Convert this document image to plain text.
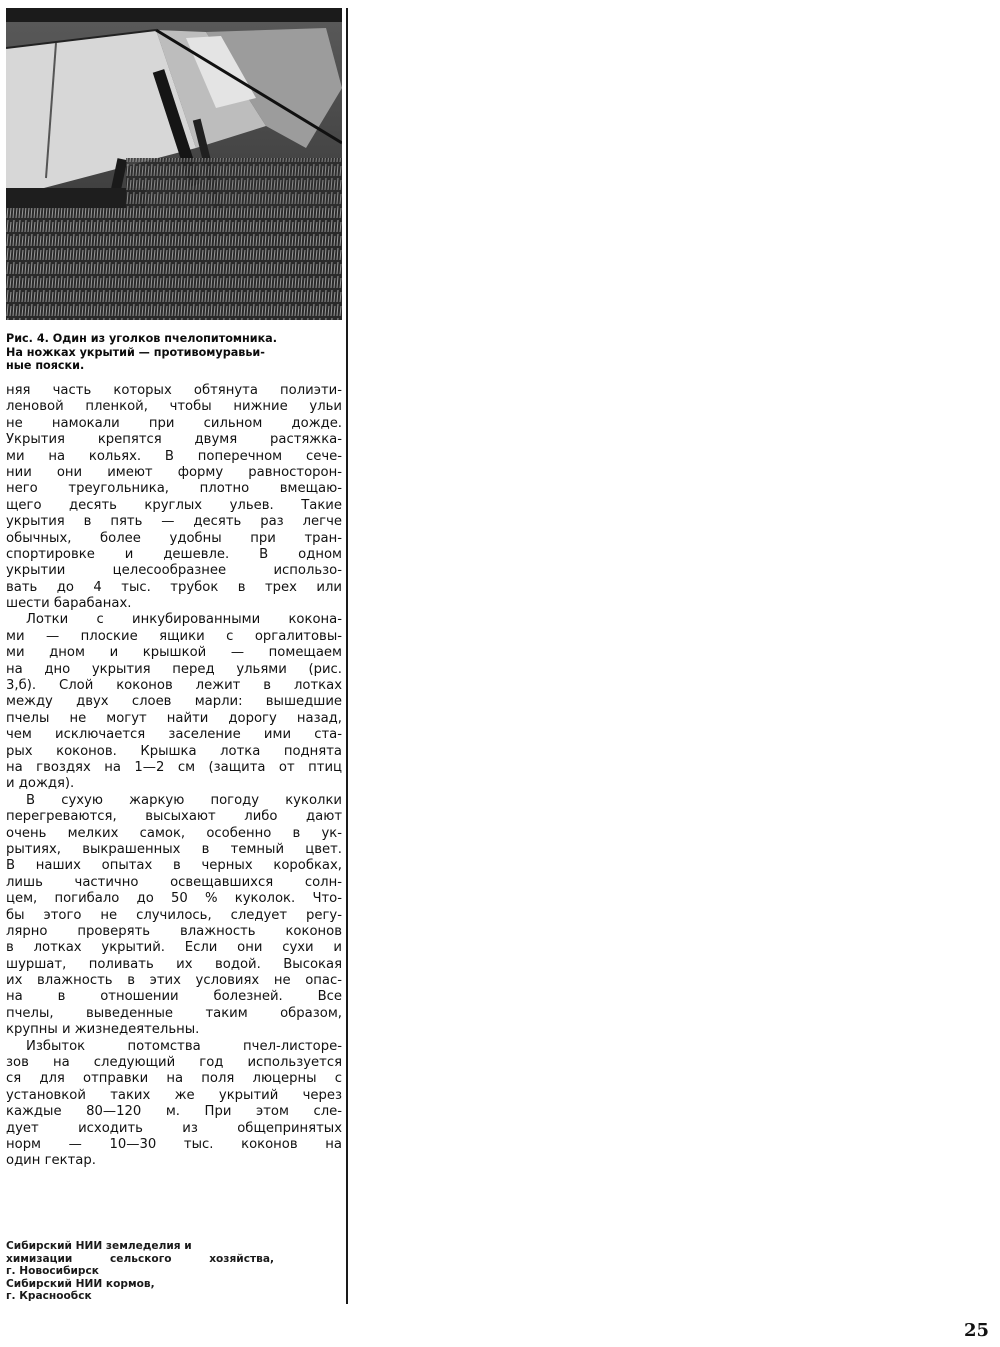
Рис. 4. Один из уголков пчелопитомника.
На ножках укрытий — противомуравьи-
ные пояски.
няя часть которых обтянута полиэти-
леновой пленкой, чтобы нижние ульи
не намокали при сильном дожде.
Укрытия крепятся двумя растяжка-
ми на кольях. В поперечном сече-
нии они имеют форму равносторон-
него треугольника, плотно вмещаю-
щего десять круглых ульев. Такие
укрытия в пять — десять раз легче
обычных, более удобны при тран-
спортировке и дешевле. В одном
укрытии целесообразнее использо-
вать до 4 тыс. трубок в трех или
шести барабанах.
Лотки с инкубированными кокона-
ми — плоские ящики с оргалитовы-
ми дном и крышкой — помещаем
на дно укрытия перед ульями (рис.
3,б). Слой коконов лежит в лотках
между двух слоев марли: вышедшие
пчелы не могут найти дорогу назад,
чем исключается заселение ими ста-
рых коконов. Крышка лотка поднята
на гвоздях на 1—2 см (защита от птиц
и дождя).
В сухую жаркую погоду куколки
перегреваются, высыхают либо дают
очень мелких самок, особенно в ук-
рытиях, выкрашенных в темный цвет.
В наших опытах в черных коробках,
лишь частично освещавшихся солн-
цем, погибало до 50 % куколок. Что-
бы этого не случилось, следует регу-
лярно проверять влажность коконов
в лотках укрытий. Если они сухи и
шуршат, поливать их водой. Высокая
их влажность в этих условиях не опас-
на в отношении болезней. Все
пчелы, выведенные таким образом,
крупны и жизнедеятельны.
Избыток потомства пчел-листоре-
зов на следующий год используется
ся для отправки на поля люцерны с
установкой таких же укрытий через
каждые 80—120 м. При этом сле-
дует исходить из общепринятых
норм — 10—30 тыс. коконов на
один гектар.
Сибирский НИИ земледелия и
химизации сельского хозяйства,
г. Новосибирск
Сибирский НИИ кормов,
г. Краснообск
25
